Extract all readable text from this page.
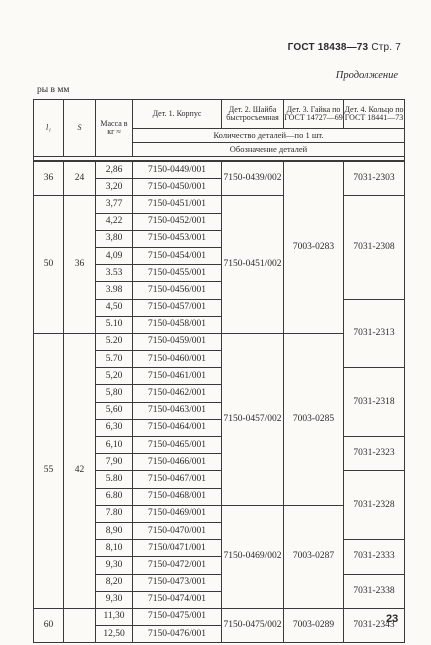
ГОСТ 18438—73 Стр. 7
Продолжение
ры в мм
l₁	S	Масса в кг ≈	Дет. 1. Корпус	Дет. 2. Шайба быстросъемная	Дет. 3. Гайка по ГОСТ 14727—69	Дет. 4. Кольцо по ГОСТ 18441—73
			Количество деталей—по 1 шт.			
			Обозначение деталей			

36	24	2,86	7150-0449/001	7150-0439/002	7003-0283	7031-2303
		3,20	7150-0450/001			
50	36	3,77	7150-0451/001	7150-0451/002		7031-2308
		4,22	7150-0452/001			
		3,80	7150-0453/001			
		4,09	7150-0454/001			
		3.53	7150-0455/001			
		3.98	7150-0456/001			
		4,50	7150-0457/001			7031-2313
		5.10	7150-0458/001			
55	42	5.20	7150-0459/001	7150-0457/002	7003-0285	
		5.70	7150-0460/001			
		5,20	7150-0461/001			7031-2318
		5,80	7150-0462/001			
		5,60	7150-0463/001			
		6,30	7150-0464/001			
		6,10	7150-0465/001			7031-2323
		7,90	7150-0466/001			
		5.80	7150-0467/001			7031-2328
		6.80	7150-0468/001			
		7.80	7150-0469/001	7150-0469/002	7003-0287	
		8,90	7150-0470/001			
		8,10	7150/0471/001			7031-2333
		9,30	7150-0472/001			
		8,20	7150-0473/001			7031-2338
		9,30	7150-0474/001			
60		11,30	7150-0475/001	7150-0475/002	7003-0289	7031-2343
		12,50	7150-0476/001			
23
